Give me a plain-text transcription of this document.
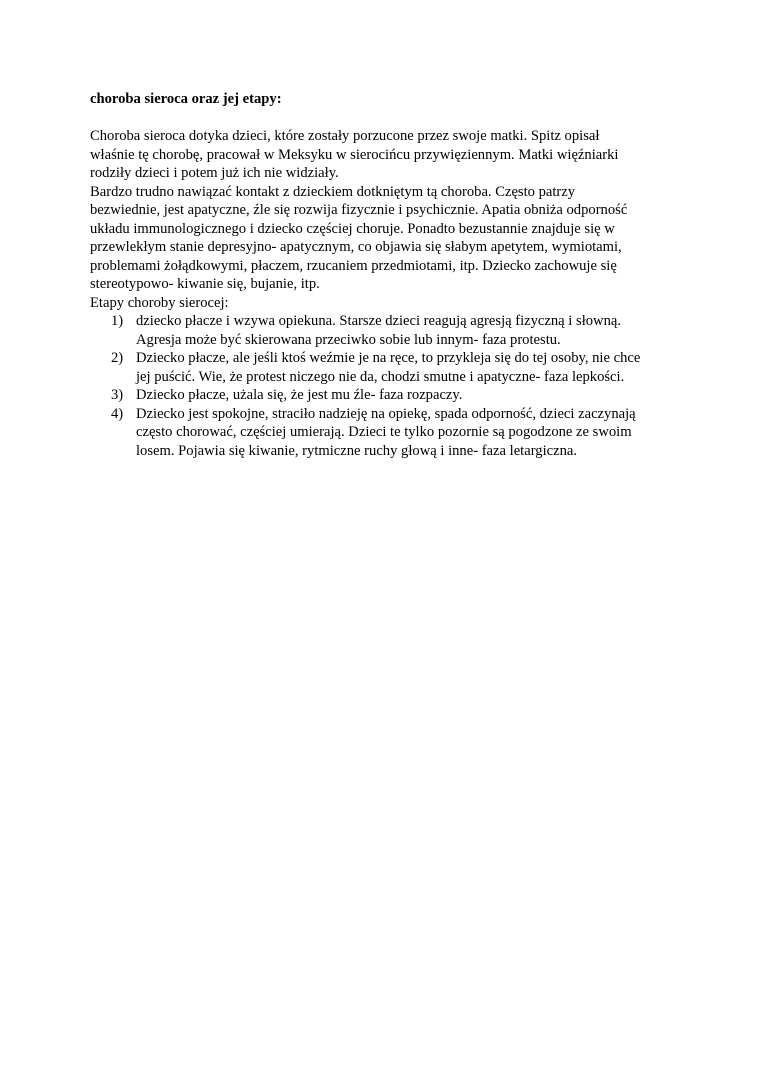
choroba sieroca oraz jej etapy:
Choroba sieroca dotyka dzieci, które zostały porzucone przez swoje matki. Spitz opisał
właśnie tę chorobę, pracował w Meksyku w sierocińcu przywięziennym. Matki więźniarki
rodziły dzieci i potem już ich nie widziały.
Bardzo trudno nawiązać kontakt z dzieckiem dotkniętym tą choroba. Często patrzy
bezwiednie, jest apatyczne, źle się rozwija fizycznie i psychicznie. Apatia obniża odporność
układu immunologicznego i dziecko częściej choruje. Ponadto bezustannie znajduje się w
przewlekłym stanie depresyjno- apatycznym, co objawia się słabym apetytem, wymiotami,
problemami żołądkowymi, płaczem, rzucaniem przedmiotami, itp. Dziecko zachowuje się
stereotypowo- kiwanie się, bujanie, itp.
Etapy choroby sierocej:
1) dziecko płacze i wzywa opiekuna. Starsze dzieci reagują agresją fizyczną i słowną.
Agresja może być skierowana przeciwko sobie lub innym- faza protestu.
2) Dziecko płacze, ale jeśli ktoś weźmie je na ręce, to przykleja się do tej osoby, nie chce
jej puścić. Wie, że protest niczego nie da, chodzi smutne i apatyczne- faza lepkości.
3) Dziecko płacze, użala się, że jest mu źle- faza rozpaczy.
4) Dziecko jest spokojne, straciło nadzieję na opiekę, spada odporność, dzieci zaczynają
często chorować, częściej umierają. Dzieci te tylko pozornie są pogodzone ze swoim
losem. Pojawia się kiwanie, rytmiczne ruchy głową i inne- faza letargiczna.
